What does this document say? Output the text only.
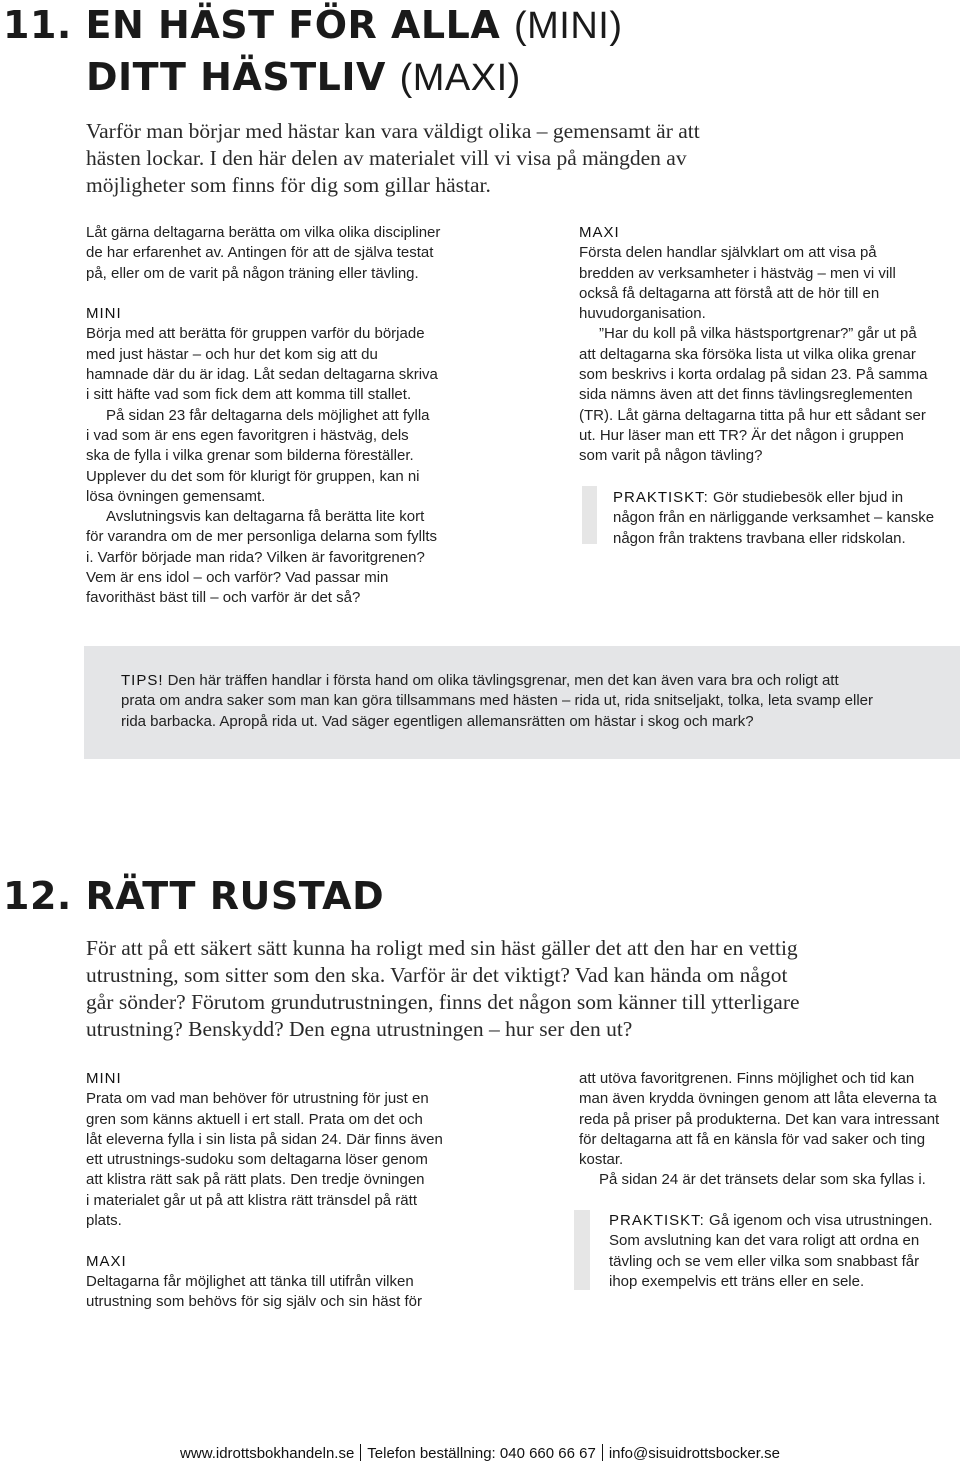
11. EN HÄST FÖR ALLA (MINI)
DITT HÄSTLIV (MAXI)

Varför man börjar med hästar kan vara väldigt olika – gemensamt är att

hästen lockar. I den här delen av materialet vill vi visa på mängden av

möjligheter som finns för dig som gillar hästar.

Låt gärna deltagarna berätta om vilka olika discipliner

de har erfarenhet av. Antingen för att de själva testat

på, eller om de varit på någon träning eller tävling.

MINI

Börja med att berätta för gruppen varför du började

med just hästar – och hur det kom sig att du

hamnade där du är idag. Låt sedan deltagarna skriva

i sitt häfte vad som fick dem att komma till stallet.

På sidan 23 får deltagarna dels möjlighet att fylla

i vad som är ens egen favoritgren i hästväg, dels

ska de fylla i vilka grenar som bilderna föreställer.

Upplever du det som för klurigt för gruppen, kan ni

lösa övningen gemensamt.

Avslutningsvis kan deltagarna få berätta lite kort

för varandra om de mer personliga delarna som fyllts

i. Varför började man rida? Vilken är favoritgrenen?

Vem är ens idol – och varför? Vad passar min

favorithäst bäst till – och varför är det så?

MAXI

Första delen handlar självklart om att visa på

bredden av verksamheter i hästväg – men vi vill

också få deltagarna att förstå att de hör till en

huvudorganisation.

”Har du koll på vilka hästsportgrenar?” går ut på

att deltagarna ska försöka lista ut vilka olika grenar

som beskrivs i korta ordalag på sidan 23. På samma

sida nämns även att det finns tävlingsreglementen

(TR). Låt gärna deltagarna titta på hur ett sådant ser

ut. Hur läser man ett TR? Är det någon i gruppen

som varit på någon tävling?

PRAKTISKT: Gör studiebesök eller bjud in

någon från en närliggande verksamhet – kanske

någon från traktens travbana eller ridskolan.

TIPS! Den här träffen handlar i första hand om olika tävlingsgrenar, men det kan även vara bra och roligt att

prata om andra saker som man kan göra tillsammans med hästen – rida ut, rida snitseljakt, tolka, leta svamp eller

rida barbacka. Apropå rida ut. Vad säger egentligen allemansrätten om hästar i skog och mark?

12. RÄTT RUSTAD

För att på ett säkert sätt kunna ha roligt med sin häst gäller det att den har en vettig

utrustning, som sitter som den ska. Varför är det viktigt? Vad kan hända om något

går sönder? Förutom grundutrustningen, finns det någon som känner till ytterligare

utrustning? Benskydd? Den egna utrustningen – hur ser den ut?

MINI

Prata om vad man behöver för utrustning för just en

gren som känns aktuell i ert stall. Prata om det och

låt eleverna fylla i sin lista på sidan 24. Där finns även

ett utrustnings-sudoku som deltagarna löser genom

att klistra rätt sak på rätt plats. Den tredje övningen

i materialet går ut på att klistra rätt tränsdel på rätt

plats.

MAXI

Deltagarna får möjlighet att tänka till utifrån vilken

utrustning som behövs för sig själv och sin häst för

att utöva favoritgrenen. Finns möjlighet och tid kan

man även krydda övningen genom att låta eleverna ta

reda på priser på produkterna. Det kan vara intressant

för deltagarna att få en känsla för vad saker och ting

kostar.

På sidan 24 är det tränsets delar som ska fyllas i.

PRAKTISKT: Gå igenom och visa utrustningen.

Som avslutning kan det vara roligt att ordna en

tävling och se vem eller vilka som snabbast får

ihop exempelvis ett träns eller en sele.

www.idrottsbokhandeln.se Telefon beställning: 040 660 66 67 info@sisuidrottsbocker.se
